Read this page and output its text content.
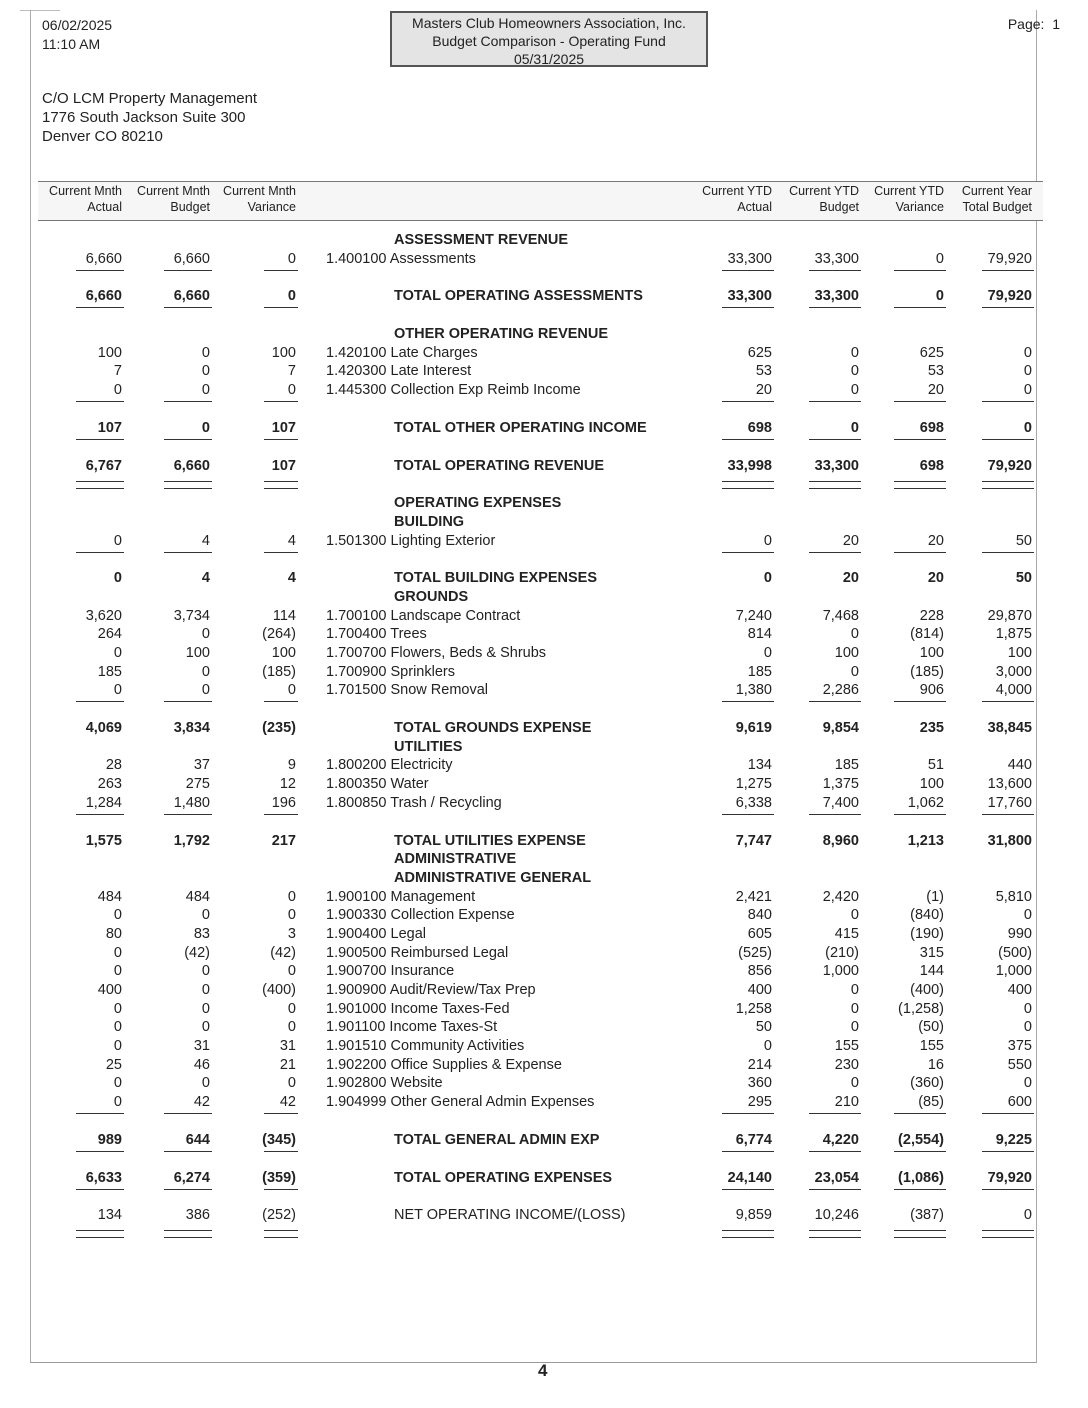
06/02/2025
11:10 AM
Masters Club Homeowners Association, Inc.
Budget Comparison - Operating Fund
05/31/2025
Page: 1
C/O LCM Property Management
1776 South Jackson Suite 300
Denver CO 80210
Current Mnth
Actual
Current Mnth
Budget
Current Mnth
Variance
Current YTD
Actual
Current YTD
Budget
Current YTD
Variance
Current Year
Total Budget
ASSESSMENT REVENUE
1.400100 Assessments
6,660	6,660	0	33,300	33,300	0	79,920
TOTAL OPERATING ASSESSMENTS
6,660	6,660	0	33,300	33,300	0	79,920
OTHER OPERATING REVENUE
1.420100 Late Charges
100	0	100	625	0	625	0
1.420300 Late Interest
7	0	7	53	0	53	0
1.445300 Collection Exp Reimb Income
0	0	0	20	0	20	0
TOTAL OTHER OPERATING INCOME
107	0	107	698	0	698	0
TOTAL OPERATING REVENUE
6,767	6,660	107	33,998	33,300	698	79,920
OPERATING EXPENSES
BUILDING
1.501300 Lighting Exterior
0	4	4	0	20	20	50
TOTAL BUILDING EXPENSES
0	4	4	0	20	20	50
GROUNDS
1.700100 Landscape Contract
3,620	3,734	114	7,240	7,468	228	29,870
1.700400 Trees
264	0	(264)	814	0	(814)	1,875
1.700700 Flowers, Beds & Shrubs
0	100	100	0	100	100	100
1.700900 Sprinklers
185	0	(185)	185	0	(185)	3,000
1.701500 Snow Removal
0	0	0	1,380	2,286	906	4,000
TOTAL GROUNDS EXPENSE
4,069	3,834	(235)	9,619	9,854	235	38,845
UTILITIES
1.800200 Electricity
28	37	9	134	185	51	440
1.800350 Water
263	275	12	1,275	1,375	100	13,600
1.800850 Trash / Recycling
1,284	1,480	196	6,338	7,400	1,062	17,760
TOTAL UTILITIES EXPENSE
1,575	1,792	217	7,747	8,960	1,213	31,800
ADMINISTRATIVE
ADMINISTRATIVE GENERAL
1.900100 Management
484	484	0	2,421	2,420	(1)	5,810
1.900330 Collection Expense
0	0	0	840	0	(840)	0
1.900400 Legal
80	83	3	605	415	(190)	990
1.900500 Reimbursed Legal
0	(42)	(42)	(525)	(210)	315	(500)
1.900700 Insurance
0	0	0	856	1,000	144	1,000
1.900900 Audit/Review/Tax Prep
400	0	(400)	400	0	(400)	400
1.901000 Income Taxes-Fed
0	0	0	1,258	0	(1,258)	0
1.901100 Income Taxes-St
0	0	0	50	0	(50)	0
1.901510 Community Activities
0	31	31	0	155	155	375
1.902200 Office Supplies & Expense
25	46	21	214	230	16	550
1.902800 Website
0	0	0	360	0	(360)	0
1.904999 Other General Admin Expenses
0	42	42	295	210	(85)	600
TOTAL GENERAL ADMIN EXP
989	644	(345)	6,774	4,220	(2,554)	9,225
TOTAL OPERATING EXPENSES
6,633	6,274	(359)	24,140	23,054	(1,086)	79,920
NET OPERATING INCOME/(LOSS)
134	386	(252)	9,859	10,246	(387)	0
4
